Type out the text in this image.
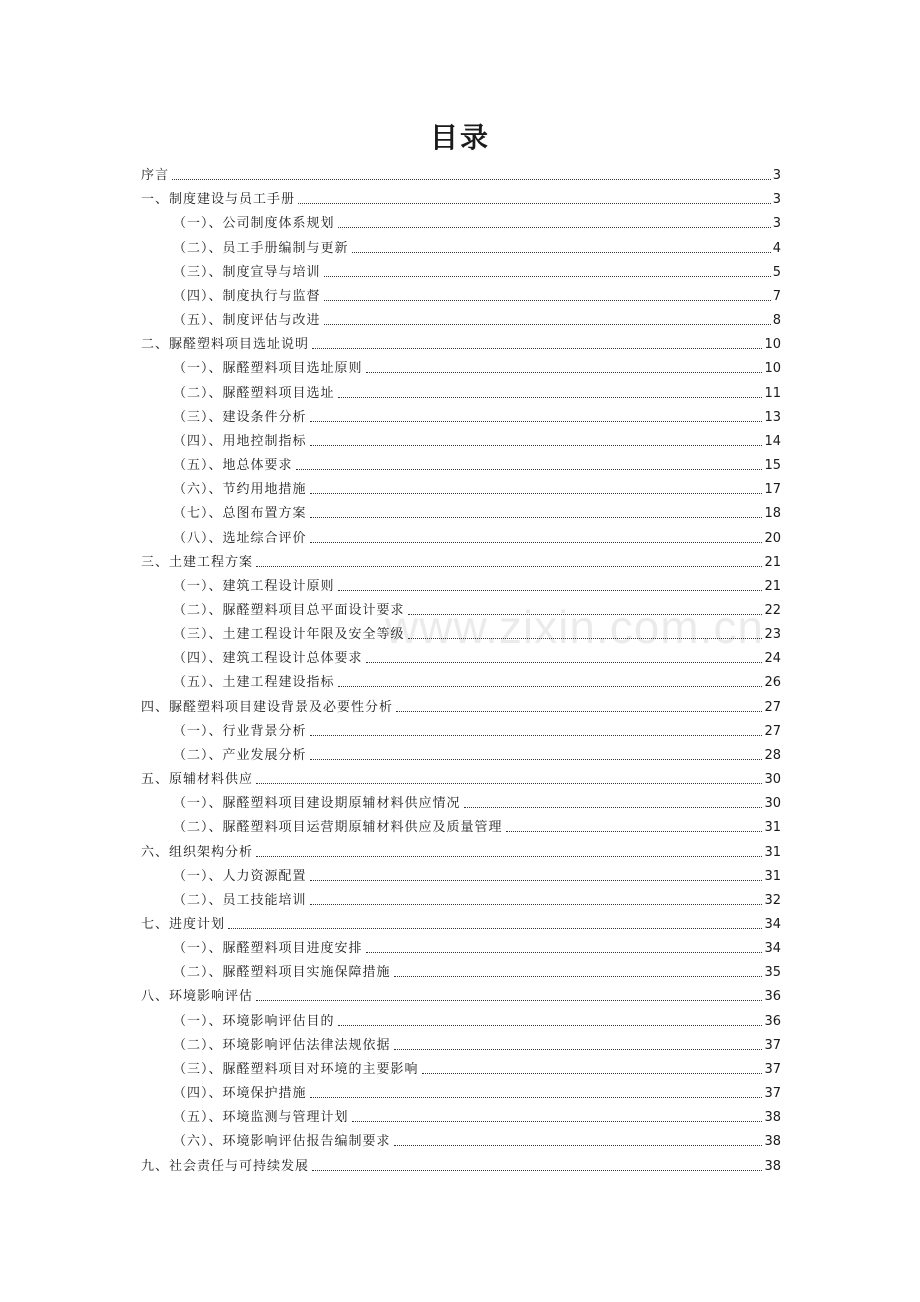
目录
序言	3
一、制度建设与员工手册	3
（一）、公司制度体系规划	3
（二）、员工手册编制与更新	4
（三）、制度宣导与培训	5
（四）、制度执行与监督	7
（五）、制度评估与改进	8
二、脲醛塑料项目选址说明	10
（一）、脲醛塑料项目选址原则	10
（二）、脲醛塑料项目选址	11
（三）、建设条件分析	13
（四）、用地控制指标	14
（五）、地总体要求	15
（六）、节约用地措施	17
（七）、总图布置方案	18
（八）、选址综合评价	20
三、土建工程方案	21
（一）、建筑工程设计原则	21
（二）、脲醛塑料项目总平面设计要求	22
（三）、土建工程设计年限及安全等级	23
（四）、建筑工程设计总体要求	24
（五）、土建工程建设指标	26
四、脲醛塑料项目建设背景及必要性分析	27
（一）、行业背景分析	27
（二）、产业发展分析	28
五、原辅材料供应	30
（一）、脲醛塑料项目建设期原辅材料供应情况	30
（二）、脲醛塑料项目运营期原辅材料供应及质量管理	31
六、组织架构分析	31
（一）、人力资源配置	31
（二）、员工技能培训	32
七、进度计划	34
（一）、脲醛塑料项目进度安排	34
（二）、脲醛塑料项目实施保障措施	35
八、环境影响评估	36
（一）、环境影响评估目的	36
（二）、环境影响评估法律法规依据	37
（三）、脲醛塑料项目对环境的主要影响	37
（四）、环境保护措施	37
（五）、环境监测与管理计划	38
（六）、环境影响评估报告编制要求	38
九、社会责任与可持续发展	38
www.zixin.com.cn
